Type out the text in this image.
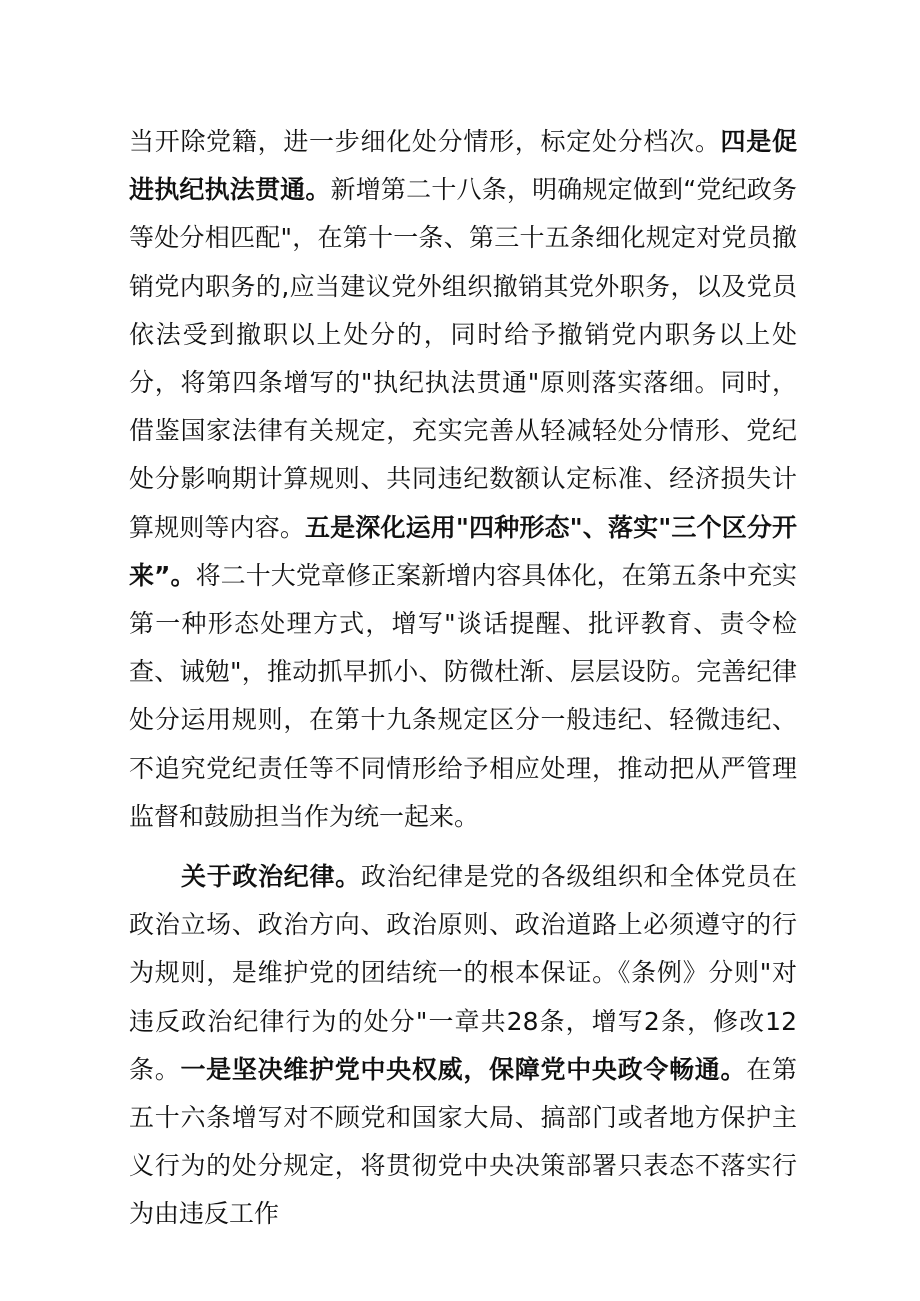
当开除党籍，进一步细化处分情形，标定处分档次。四是促进执纪执法贯通。新增第二十八条，明确规定做到“党纪政务等处分相匹配"，在第十一条、第三十五条细化规定对党员撤销党内职务的,应当建议党外组织撤销其党外职务，以及党员依法受到撤职以上处分的，同时给予撤销党内职务以上处分，将第四条增写的"执纪执法贯通"原则落实落细。同时，借鉴国家法律有关规定，充实完善从轻减轻处分情形、党纪处分影响期计算规则、共同违纪数额认定标准、经济损失计算规则等内容。五是深化运用"四种形态"、落实"三个区分开来”。将二十大党章修正案新增内容具体化，在第五条中充实第一种形态处理方式，增写"谈话提醒、批评教育、责令检查、诫勉"，推动抓早抓小、防微杜渐、层层设防。完善纪律处分运用规则，在第十九条规定区分一般违纪、轻微违纪、不追究党纪责任等不同情形给予相应处理，推动把从严管理监督和鼓励担当作为统一起来。

关于政治纪律。政治纪律是党的各级组织和全体党员在政治立场、政治方向、政治原则、政治道路上必须遵守的行为规则，是维护党的团结统一的根本保证。《条例》分则"对违反政治纪律行为的处分"一章共28条，增写2条，修改12条。一是坚决维护党中央权威，保障党中央政令畅通。在第五十六条增写对不顾党和国家大局、搞部门或者地方保护主义行为的处分规定，将贯彻党中央决策部署只表态不落实行为由违反工作
